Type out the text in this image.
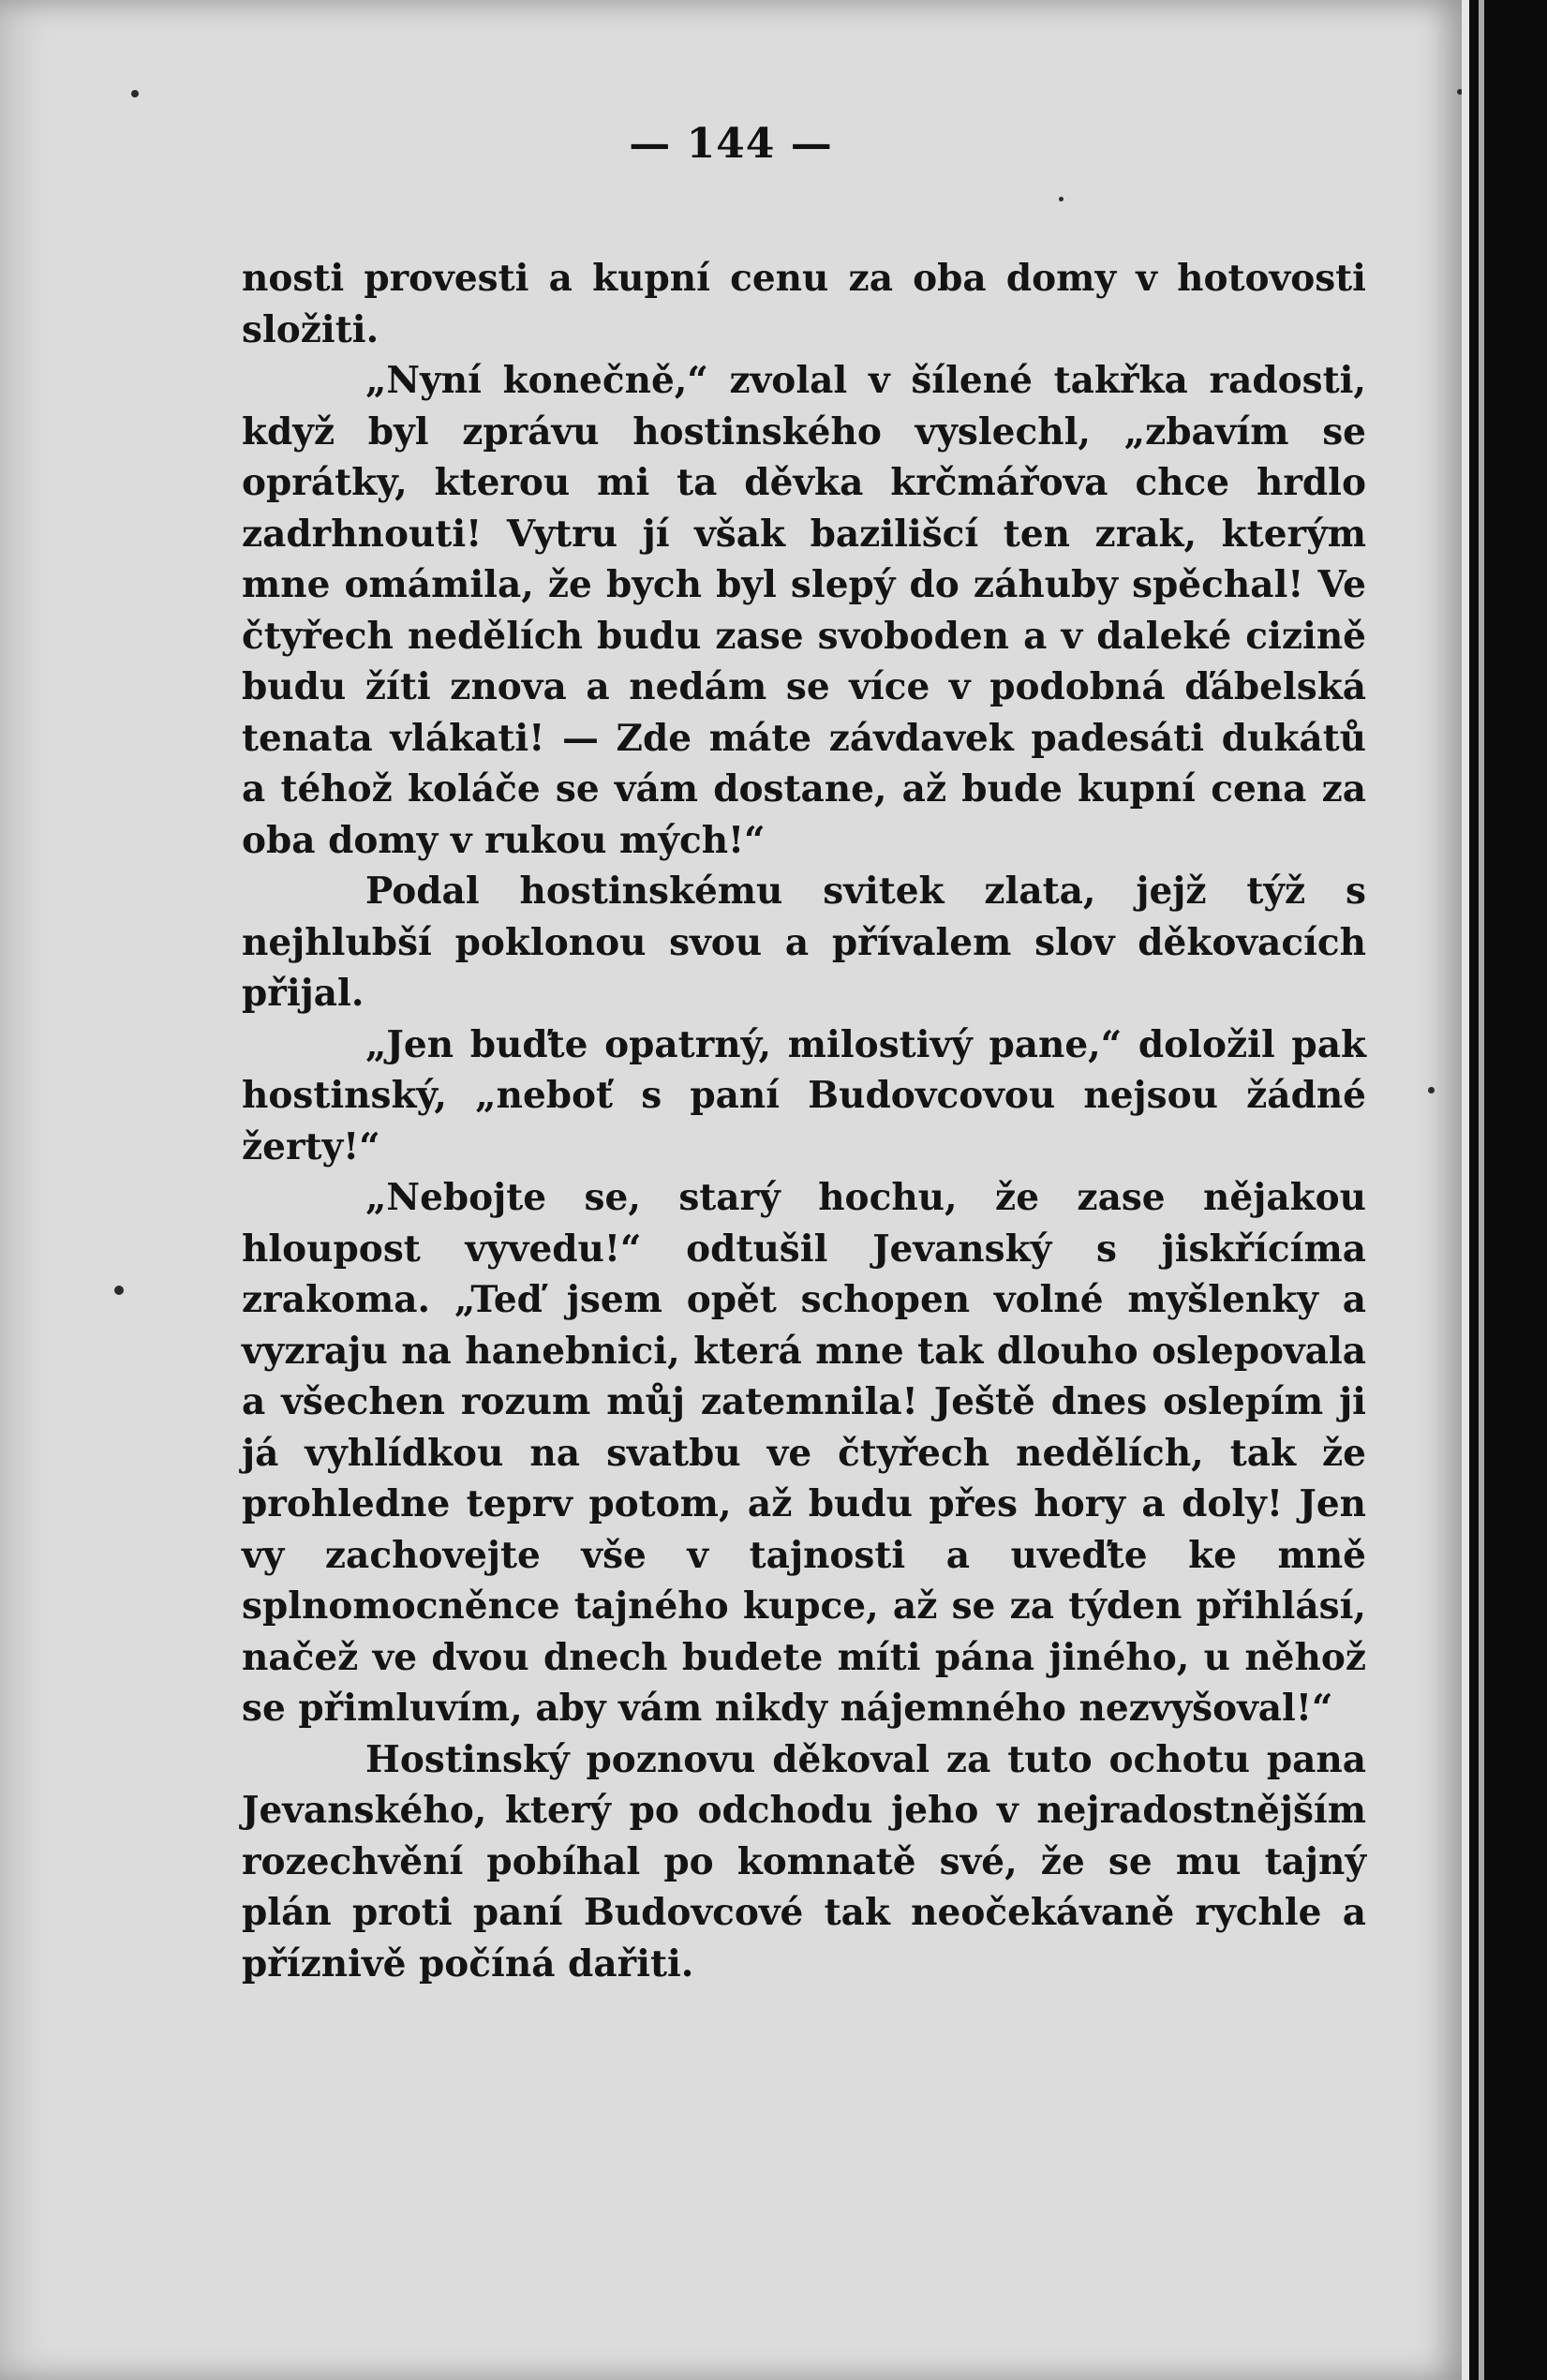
— 144 —

nosti provesti a kupní cenu za oba domy v hotovosti složiti.

„Nyní konečně,“ zvolal v šílené takřka radosti, když byl zprávu hostinského vyslechl, „zbavím se oprátky, kterou mi ta děvka krčmářova chce hrdlo zadrhnouti! Vytru jí však bazilišcí ten zrak, kterým mne omámila, že bych byl slepý do záhuby spěchal! Ve čtyřech nedělích budu zase svoboden a v daleké cizině budu žíti znova a nedám se více v podobná ďábelská tenata vlákati! — Zde máte závdavek padesáti dukátů a téhož koláče se vám dostane, až bude kupní cena za oba domy v rukou mých!“

Podal hostinskému svitek zlata, jejž týž s nejhlubší poklonou svou a přívalem slov děkovacích přijal.

„Jen buďte opatrný, milostivý pane,“ doložil pak hostinský, „neboť s paní Budovcovou nejsou žádné žerty!“

„Nebojte se, starý hochu, že zase nějakou hloupost vyvedu!“ odtušil Jevanský s jiskřícíma zrakoma. „Teď jsem opět schopen volné myšlenky a vyzraju na hanebnici, která mne tak dlouho oslepovala a všechen rozum můj zatemnila! Ještě dnes oslepím ji já vyhlídkou na svatbu ve čtyřech nedělích, tak že prohledne teprv potom, až budu přes hory a doly! Jen vy zachovejte vše v tajnosti a uveďte ke mně splnomocněnce tajného kupce, až se za týden přihlásí, načež ve dvou dnech budete míti pána jiného, u něhož se přimluvím, aby vám nikdy nájemného nezvyšoval!“

Hostinský poznovu děkoval za tuto ochotu pana Jevanského, který po odchodu jeho v nejradostnějším rozechvění pobíhal po komnatě své, že se mu tajný plán proti paní Budovcové tak neočekávaně rychle a příznivě počíná dařiti.
